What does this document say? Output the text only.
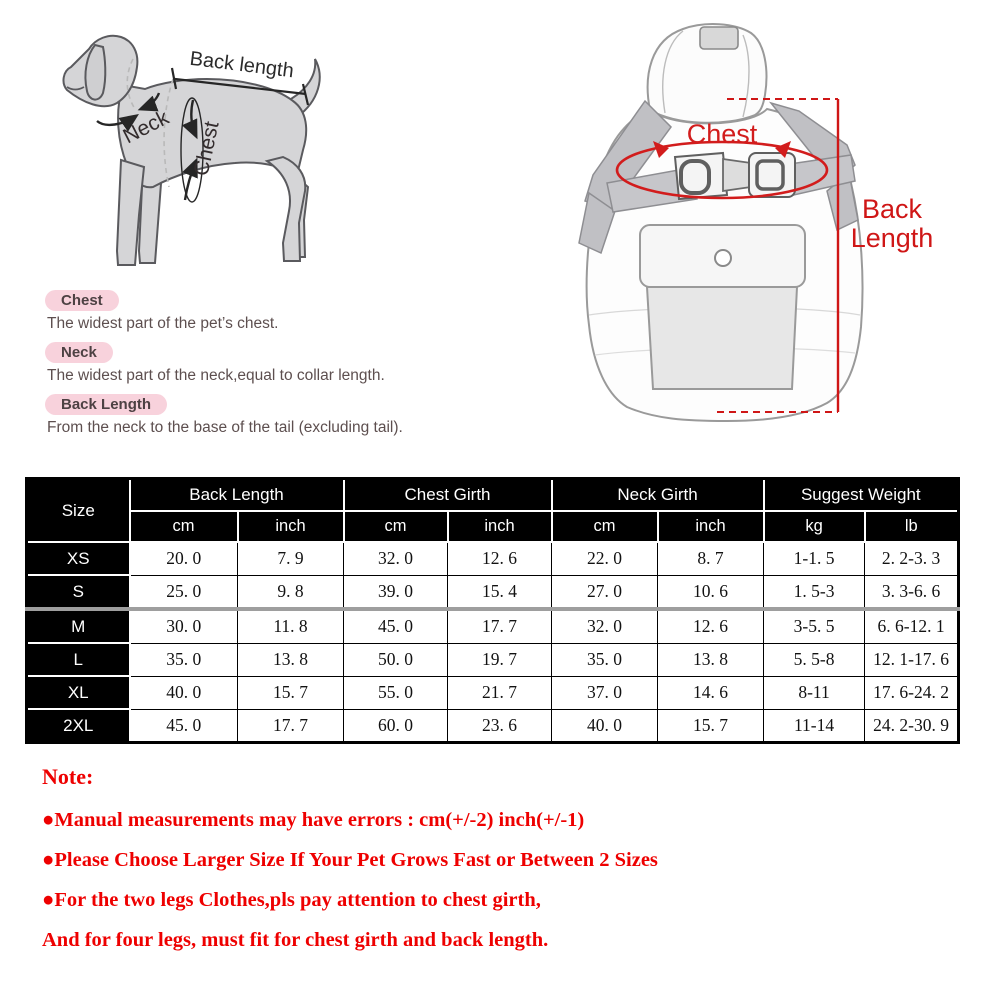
Back length
Neck Chest	Chest
Back
Length
Chest
The widest part of the pet’s chest.
Neck
The widest part of the neck,equal to collar length.
Back Length
From the neck to the base of the tail (excluding tail).
Size	Back Length		Chest Girth		Neck Girth		Suggest Weight	
	cm	inch	cm	inch	cm	inch	kg	lb
XS	20. 0	7. 9	32. 0	12. 6	22. 0	8. 7	1-1. 5	2. 2-3. 3
S	25. 0	9. 8	39. 0	15. 4	27. 0	10. 6	1. 5-3	3. 3-6. 6
M	30. 0	11. 8	45. 0	17. 7	32. 0	12. 6	3-5. 5	6. 6-12. 1
L	35. 0	13. 8	50. 0	19. 7	35. 0	13. 8	5. 5-8	12. 1-17. 6
XL	40. 0	15. 7	55. 0	21. 7	37. 0	14. 6	8-11	17. 6-24. 2
2XL	45. 0	17. 7	60. 0	23. 6	40. 0	15. 7	11-14	24. 2-30. 9

Note:

●Manual measurements may have errors : cm(+/-2) inch(+/-1)

●Please Choose Larger Size If Your Pet Grows Fast or Between 2 Sizes

●For the two legs Clothes,pls pay attention to chest girth,

And for four legs, must fit for chest girth and back length.
